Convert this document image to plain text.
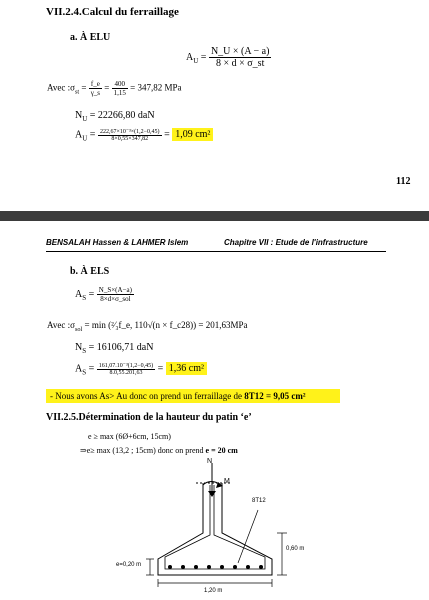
VII.2.4.Calcul du ferraillage
a. À ELU
$A_U = \frac{N\_U \times (A - a)}{8 \times d \times \sigma\_st}$
Avec $:\sigma_{st} = \frac{f\_e}{\gamma\_s} = \frac{400}{1,15} = 347,82$ MPa
$N_U = 22266,80$ daN
$A_U = \frac{\text{222,67×10⁻³×(1,2−0,45)}}{8\times 0,55\times 347,82} = 1,09$ cm²
112
BENSALAH Hassen & LAHMER Islem	Chapitre VII : Etude de l'infrastructure
b. À ELS
$A_S = \frac{N\_S\times(A-a)}{\text{8×d×σ\_sol}}$
Avec $:\sigma_{sol} = \min$ (²⁄₃f_e, 110√(n × f_c28)) = 201,63MPa
$N_S = 16106,71$ daN
$A_S = \frac{\text{161,07.10⁻³(1,2−0,45)}}{8.0,55.201,63} = 1,36$ cm²
- Nous avons As> Au donc on prend un ferraillage de 8T12 = 9,05 cm²
VII.2.5.Détermination de la hauteur du patin ‘e’
e ≥ max (6Ø+6cm, 15cm)
⇒e≥ max (13,2 ; 15cm) donc on prend e = 20 cm
N
M
8T12
0,60 m
e=0,20 m
1,20 m
